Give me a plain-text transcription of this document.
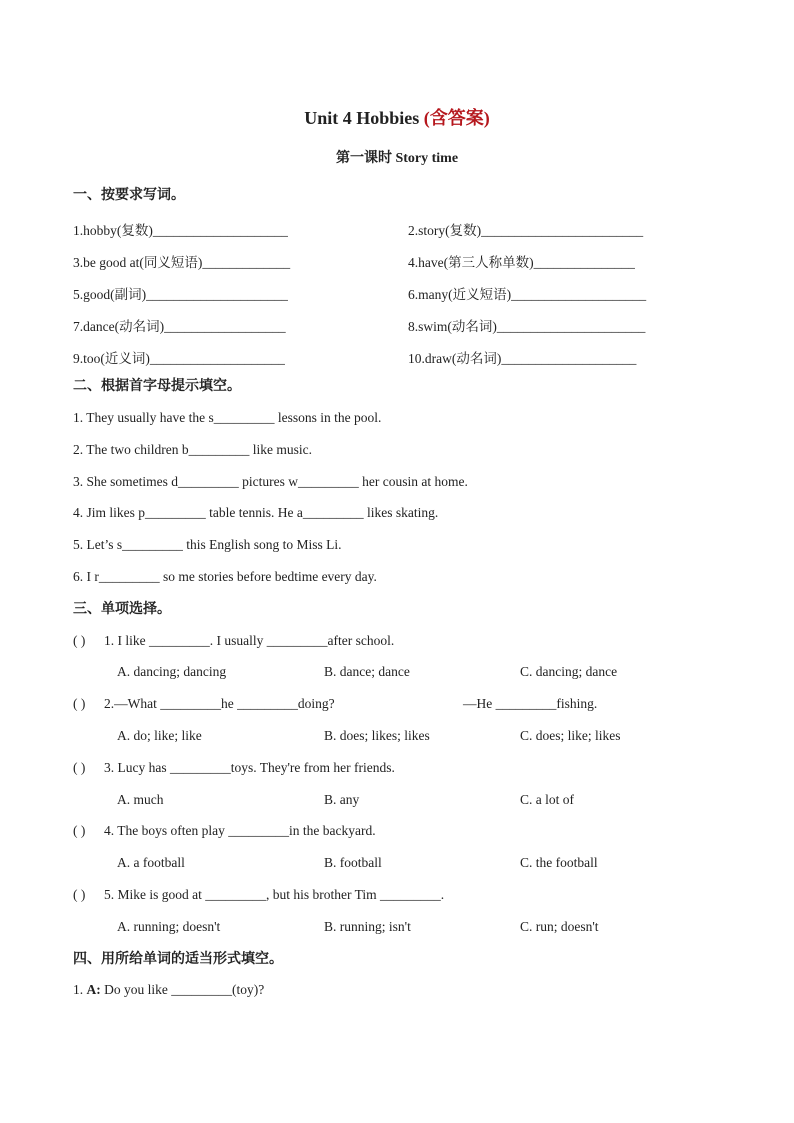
Unit 4 Hobbies (含答案)
第一课时 Story time
一、按要求写词。
1.hobby(复数)____________________	2.story(复数)________________________
3.be good at(同义短语)_____________	4.have(第三人称单数)_______________
5.good(副词)_____________________	6.many(近义短语)____________________
7.dance(动名词)__________________	8.swim(动名词)______________________
9.too(近义词)____________________	10.draw(动名词)____________________
二、根据首字母提示填空。
1. They usually have the s_________ lessons in the pool.
2. The two children b_________ like music.
3. She sometimes d_________ pictures w_________ her cousin at home.
4. Jim likes p_________ table tennis. He a_________ likes skating.
5. Let’s s_________ this English song to Miss Li.
6. I r_________ so me stories before bedtime every day.
三、单项选择。
( ) 1. I like _________. I usually _________after school.
A. dancing; dancing	B. dance; dance	C. dancing; dance
( ) 2.—What _________he _________doing?	—He _________fishing.
A. do; like; like	B. does; likes; likes	C. does; like; likes
( ) 3. Lucy has _________toys. They're from her friends.
A. much	B. any	C. a lot of
( ) 4. The boys often play _________in the backyard.
A. a football	B. football	C. the football
( ) 5. Mike is good at _________, but his brother Tim _________.
A. running; doesn't	B. running; isn't	C. run; doesn't
四、用所给单词的适当形式填空。
1. A: Do you like _________(toy)?
